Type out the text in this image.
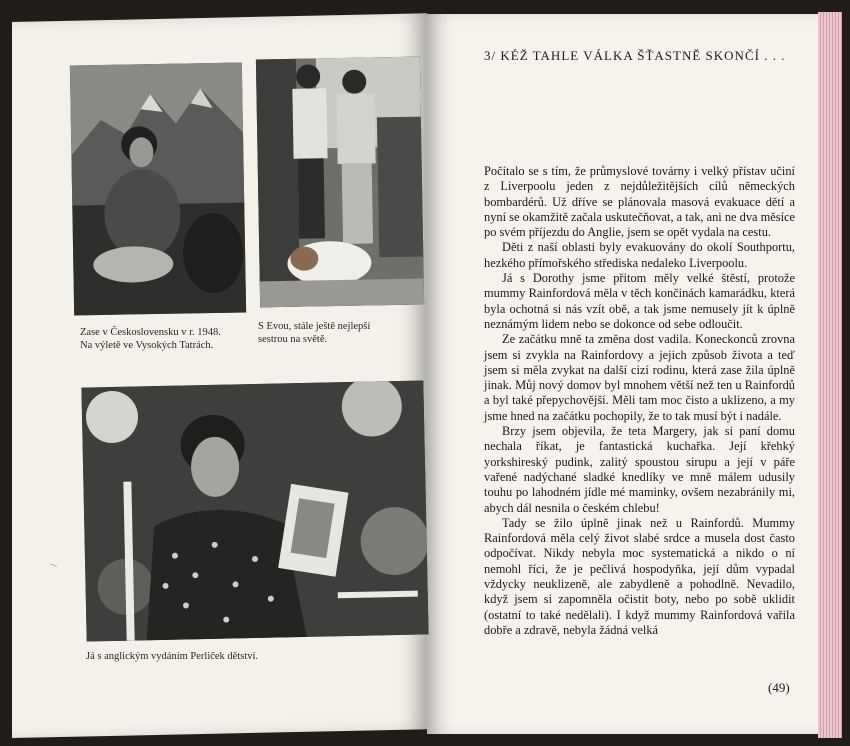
Zase v Československu v r. 1948.
Na výletě ve Vysokých Tatrách.
S Evou, stále ještě nejlepší
sestrou na světě.
Já s anglickým vydáním Perliček dětství.
ﾉ
3/ KÉŽ TAHLE VÁLKA ŠŤASTNĚ SKONČÍ . . .

Počítalo se s tím, že průmyslové továrny i velký přístav učiní z Liverpoolu jeden z nejdůležitějších cílů německých bombardérů. Už dříve se plánovala masová evakuace dětí a nyní se okamžitě začala uskutečňovat, a tak, ani ne dva měsíce po svém příjezdu do Anglie, jsem se opět vydala na cestu.

Děti z naší oblasti byly evakuovány do okolí Southportu, hezkého přímořského střediska nedaleko Liverpoolu.

Já s Dorothy jsme přitom měly velké štěstí, protože mummy Rainfordová měla v těch končinách kamarádku, která byla ochotná si nás vzít obě, a tak jsme nemusely jít k úplně neznámým lidem nebo se dokonce od sebe odloučit.

Ze začátku mně ta změna dost vadila. Koneckonců zrovna jsem si zvykla na Rainfordovy a jejich způsob života a teď jsem si měla zvykat na další cizí rodinu, která zase žila úplně jinak. Můj nový domov byl mnohem větší než ten u Rainfordů a byl také přepychovější. Měli tam moc čisto a uklizeno, a my jsme hned na začátku pochopily, že to tak musí být i nadále.

Brzy jsem objevila, že teta Margery, jak si paní domu nechala říkat, je fantastická kuchařka. Její křehký yorkshireský pudink, zalitý spoustou sirupu a její v páře vařené nadýchané sladké knedlíky ve mně málem udusily touhu po lahodném jídle mé maminky, ovšem nezabránily mi, abych dál nesnila o českém chlebu!

Tady se žilo úplně jinak než u Rainfordů. Mummy Rainfordová měla celý život slabé srdce a musela dost často odpočívat. Nikdy nebyla moc systematická a nikdo o ní nemohl říci, že je pečlivá hospodyňka, její dům vypadal vždycky neuklizeně, ale zabydleně a pohodlně. Nevadilo, když jsem si zapomněla očistit boty, nebo po sobě uklidit (ostatní to také nedělali). I když mummy Rainfordová vařila dobře a zdravě, nebyla žádná velká

(49)
